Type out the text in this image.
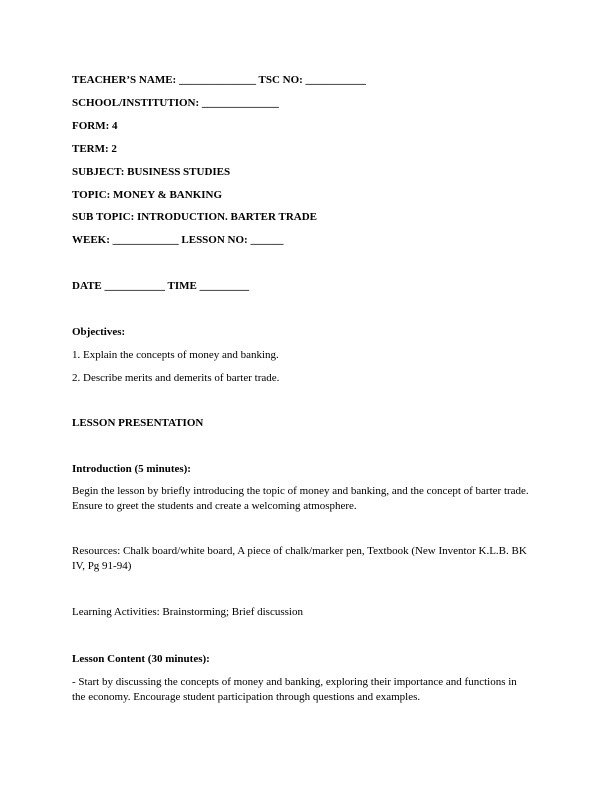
TEACHER’S NAME: ______________ TSC NO: ___________
SCHOOL/INSTITUTION: ______________
FORM: 4
TERM: 2
SUBJECT: BUSINESS STUDIES
TOPIC: MONEY & BANKING
SUB TOPIC: INTRODUCTION. BARTER TRADE
WEEK: ____________ LESSON NO: ______
DATE ___________ TIME _________
Objectives:
1. Explain the concepts of money and banking.
2. Describe merits and demerits of barter trade.
LESSON PRESENTATION
Introduction (5 minutes):
Begin the lesson by briefly introducing the topic of money and banking, and the concept of barter trade. Ensure to greet the students and create a welcoming atmosphere.
Resources: Chalk board/white board, A piece of chalk/marker pen, Textbook (New Inventor K.L.B. BK IV, Pg 91-94)
Learning Activities: Brainstorming; Brief discussion
Lesson Content (30 minutes):
- Start by discussing the concepts of money and banking, exploring their importance and functions in the economy. Encourage student participation through questions and examples.
